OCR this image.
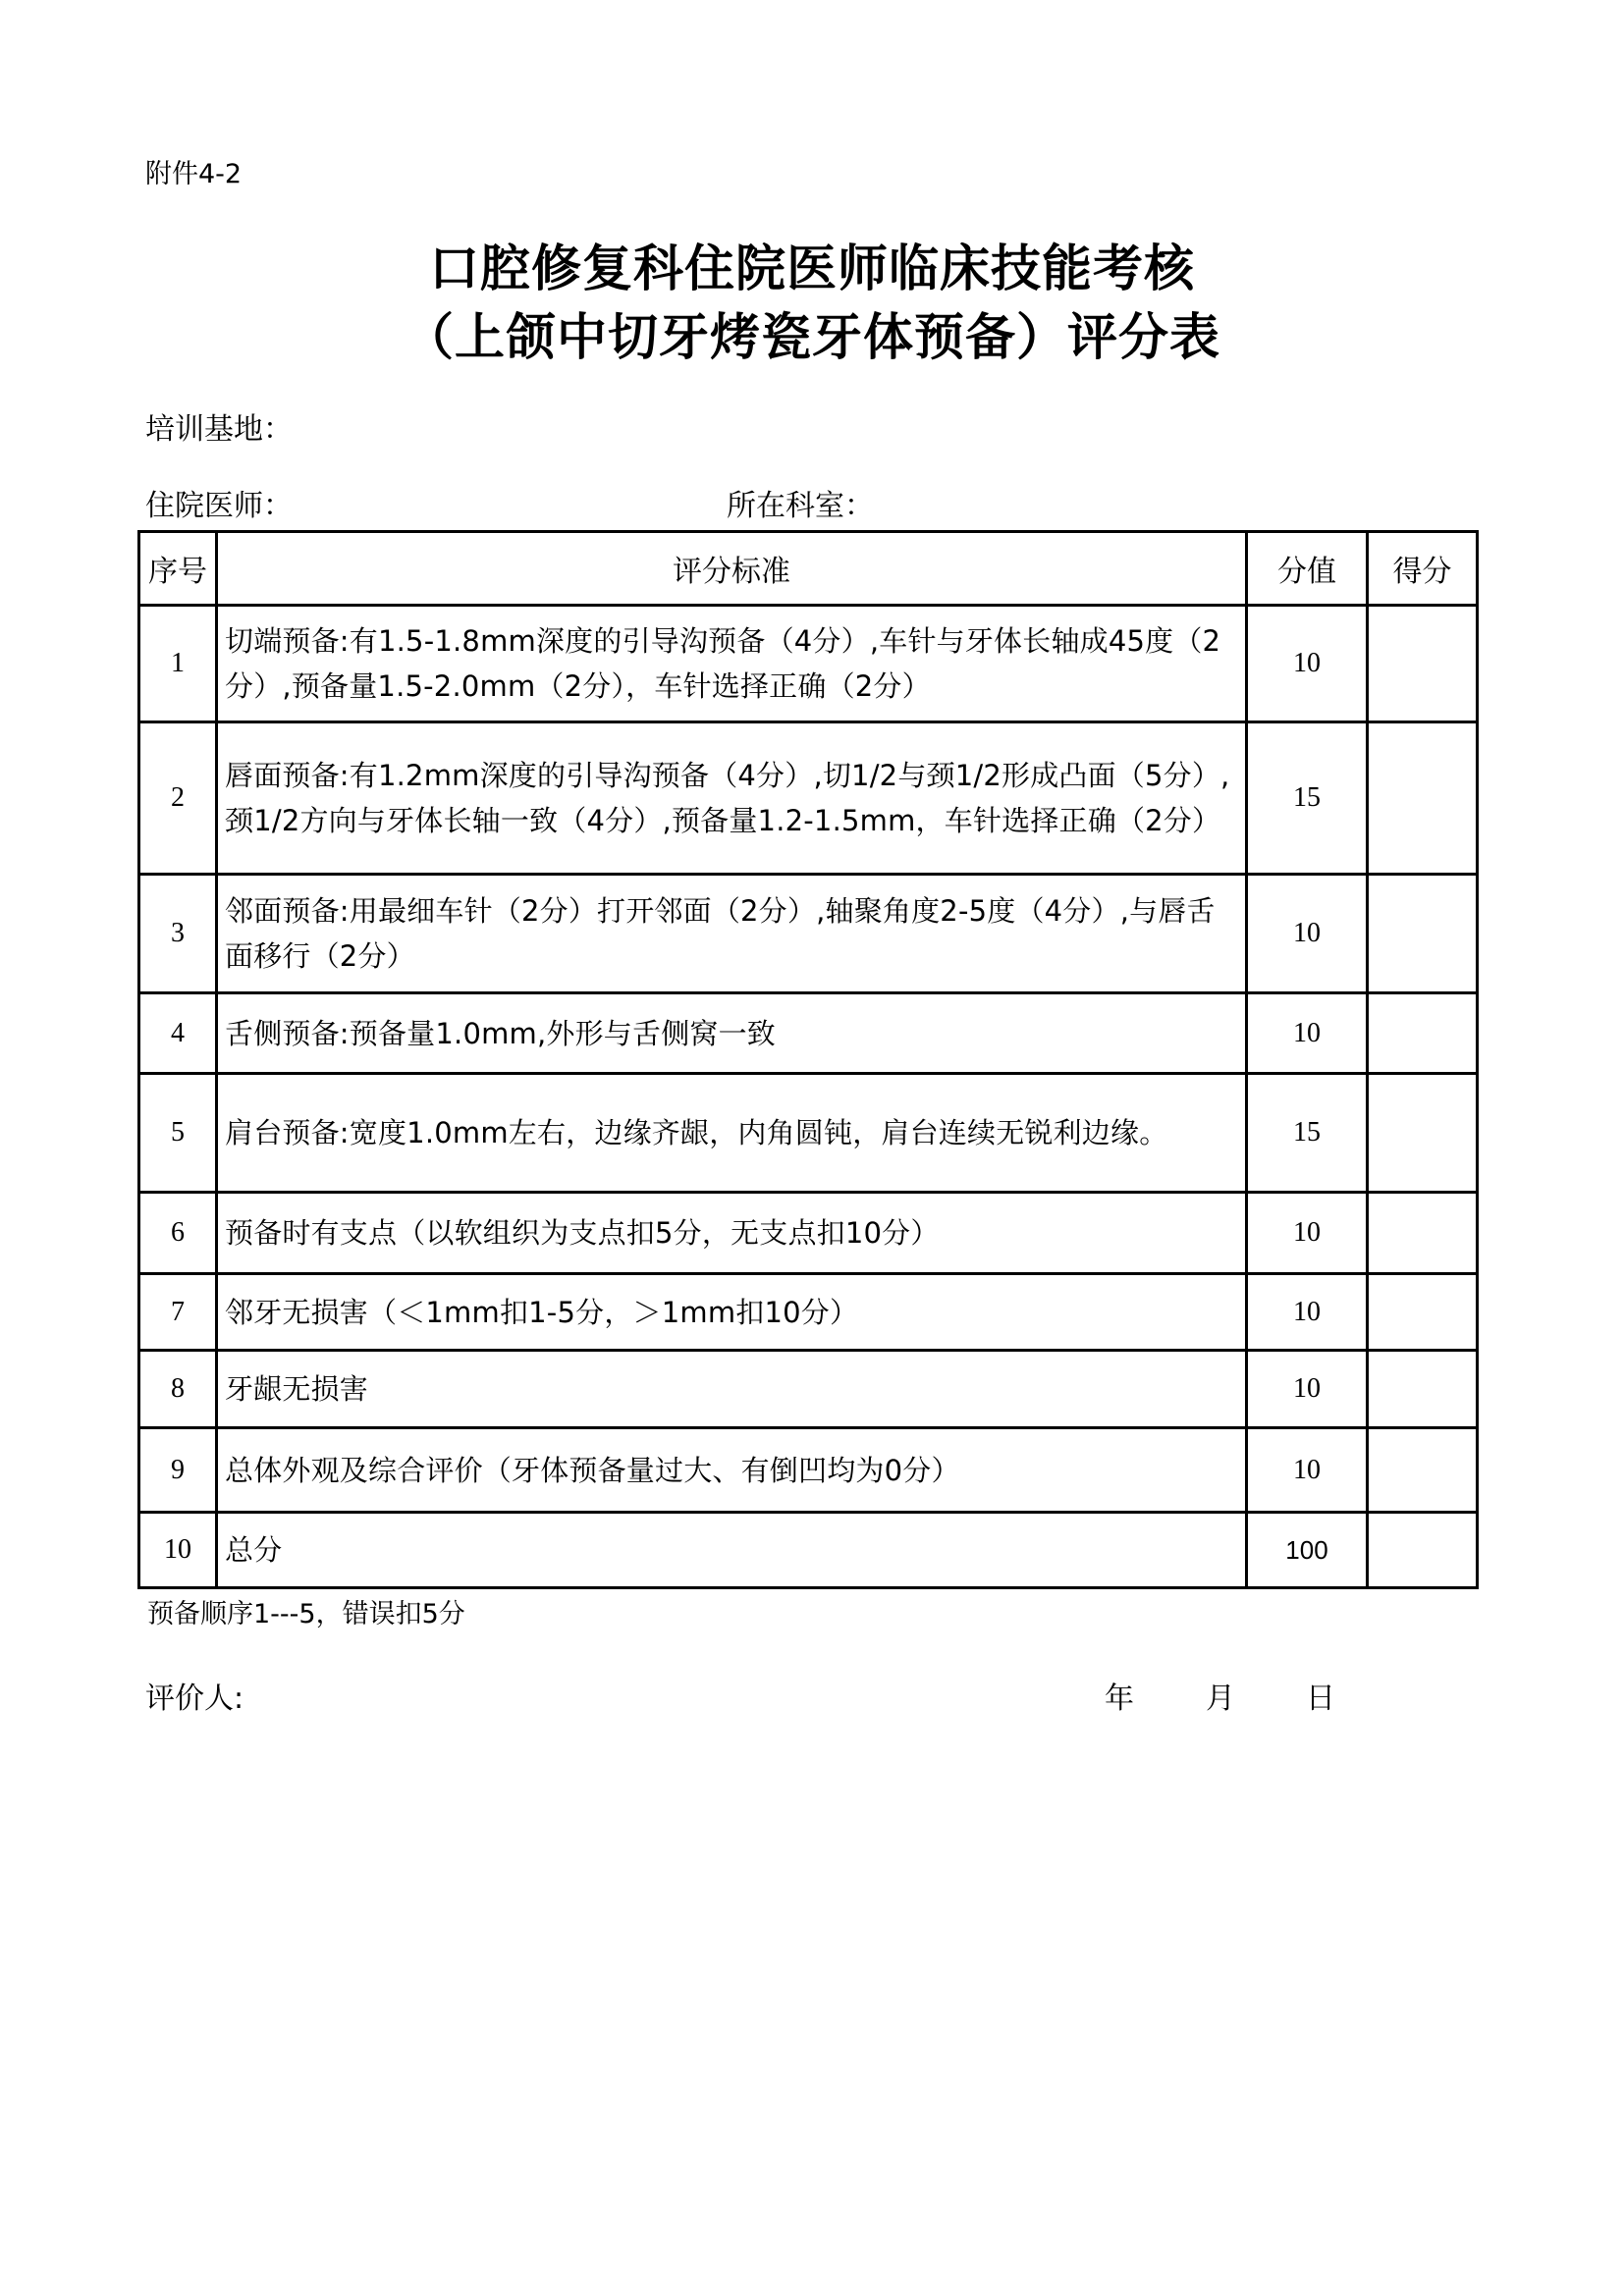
附件4-2
口腔修复科住院医师临床技能考核
（上颌中切牙烤瓷牙体预备）评分表
培训基地：
住院医师：	所在科室：
序号	评分标准	分值	得分
1	切端预备:有1.5-1.8mm深度的引导沟预备（4分）,车针与牙体长轴成45度（2分）,预备量1.5-2.0mm（2分），车针选择正确（2分）	10	
2	唇面预备:有1.2mm深度的引导沟预备（4分）,切1/2与颈1/2形成凸面（5分）,颈1/2方向与牙体长轴一致（4分）,预备量1.2-1.5mm，车针选择正确（2分）	15	
3	邻面预备:用最细车针（2分）打开邻面（2分）,轴聚角度2-5度（4分）,与唇舌面移行（2分）	10	
4	舌侧预备:预备量1.0mm,外形与舌侧窝一致	10	
5	肩台预备:宽度1.0mm左右，边缘齐龈，内角圆钝，肩台连续无锐利边缘。	15	
6	预备时有支点（以软组织为支点扣5分，无支点扣10分）	10	
7	邻牙无损害（＜1mm扣1-5分，＞1mm扣10分）	10	
8	牙龈无损害	10	
9	总体外观及综合评价（牙体预备量过大、有倒凹均为0分）	10	
10	总分	100	
预备顺序1---5，错误扣5分
评价人:	年 月 日
